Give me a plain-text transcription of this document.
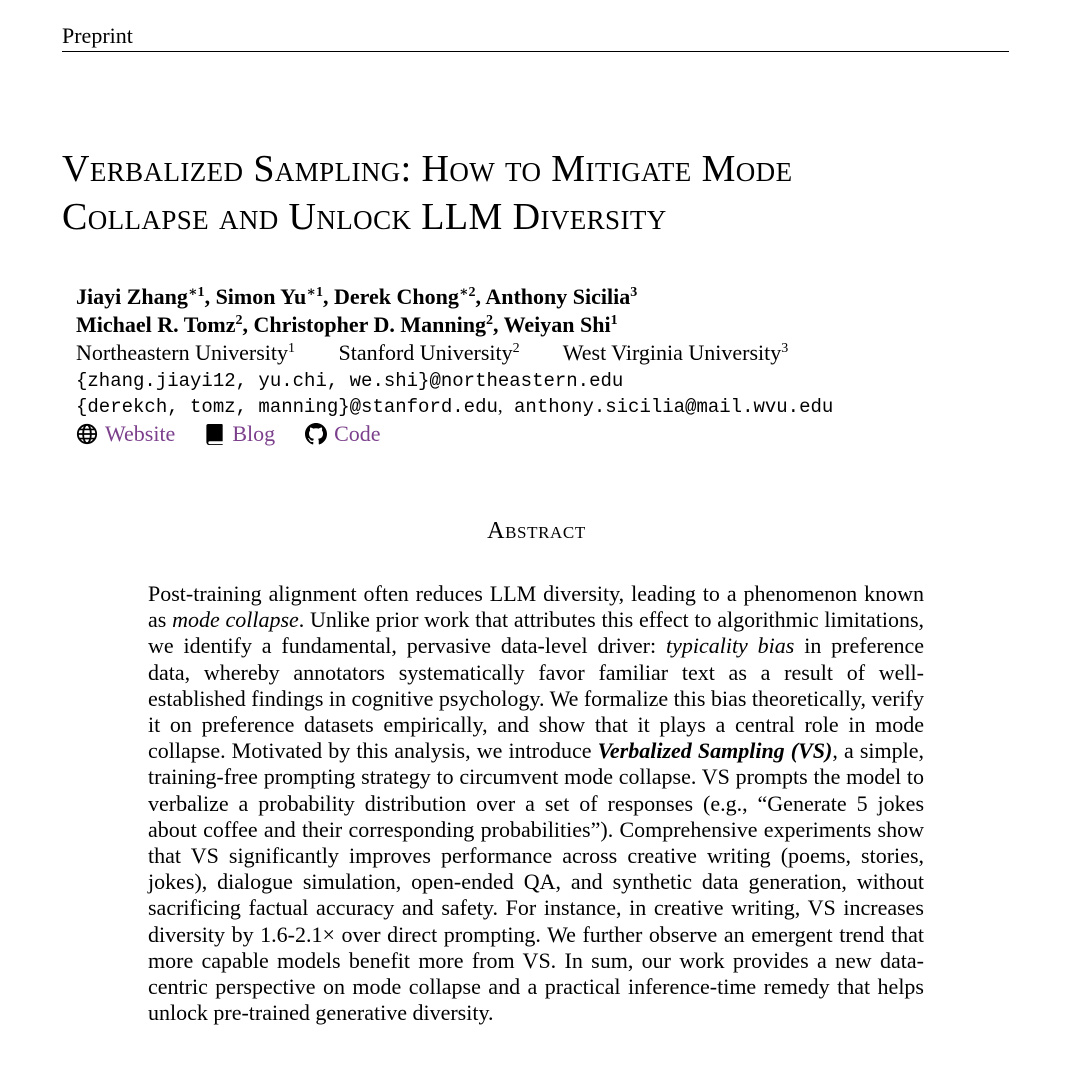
Preprint
Verbalized Sampling: How to Mitigate Mode
Collapse and Unlock LLM Diversity
Jiayi Zhang$^{∗1}$, Simon $Yu^{∗1}$, Derek Chong$^{∗2}$, Anthony Sicilia$^3$
Michael R. Tomz$^2$, Christopher D. Manning$^2$, Weiyan Shi$^1$
Northeastern University$^1$ Stanford University$^2$ West Virginia University$^3$
{zhang.jiayi12, yu.chi, we.shi}@northeastern.edu
{derekch, tomz, manning}@stanford.edu, anthony.sicilia@mail.wvu.edu
Website	Blog	Code
Abstract

Post-training alignment often reduces LLM diversity, leading to a phenomenon known as mode collapse. Unlike prior work that attributes this effect to algorithmic limitations, we identify a fundamental, pervasive data-level driver: typicality bias in preference data, whereby annotators systematically favor familiar text as a result of well-established findings in cognitive psychology. We formalize this bias theoretically, verify it on preference datasets empirically, and show that it plays a central role in mode collapse. Motivated by this analysis, we introduce Verbalized Sampling (VS), a simple, training-free prompting strategy to circumvent mode collapse. VS prompts the model to verbalize a probability distribution over a set of responses (e.g., “Generate 5 jokes about coffee and their corresponding probabilities”). Comprehensive experiments show that VS significantly improves performance across creative writing (poems, stories, jokes), dialogue simulation, open-ended QA, and synthetic data generation, without sacrificing factual accuracy and safety. For instance, in creative writing, VS increases diversity by 1.6-2.1× over direct prompting. We further observe an emergent trend that more capable models benefit more from VS. In sum, our work provides a new data-centric perspective on mode collapse and a practical inference-time remedy that helps unlock pre-trained generative diversity.
